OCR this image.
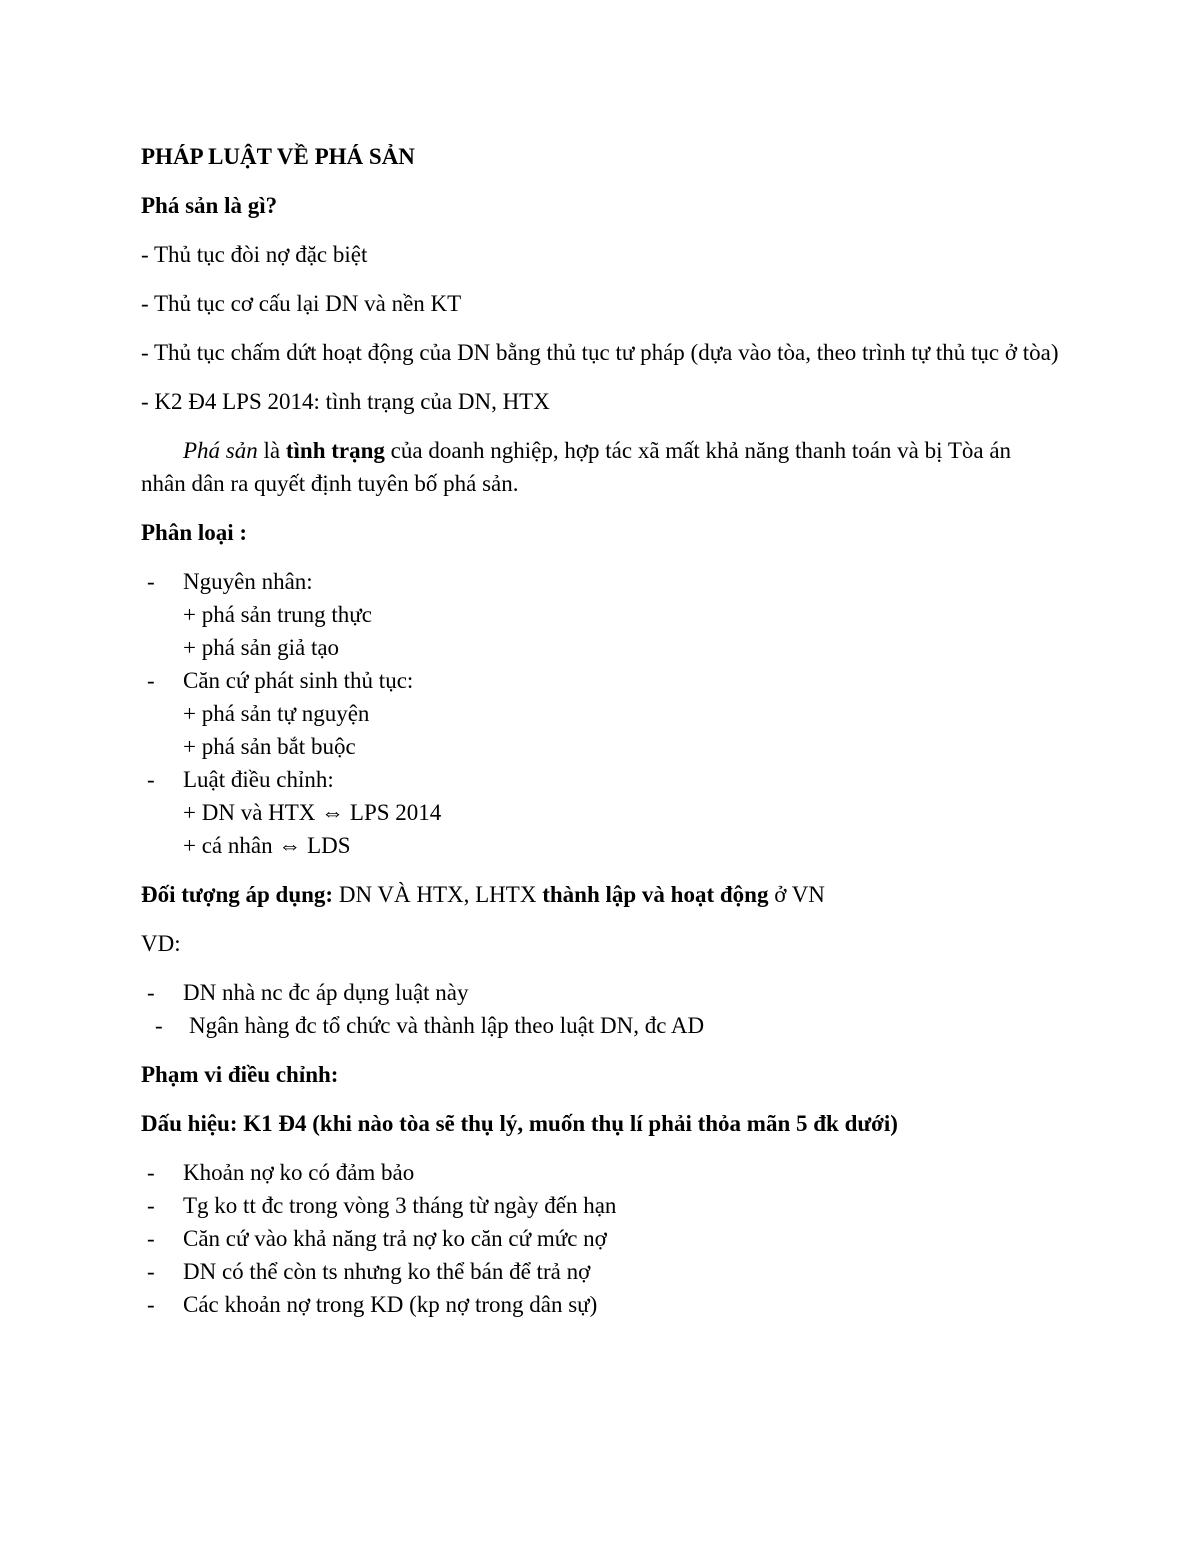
PHÁP LUẬT VỀ PHÁ SẢN

Phá sản là gì?

- Thủ tục đòi nợ đặc biệt

- Thủ tục cơ cấu lại DN và nền KT

- Thủ tục chấm dứt hoạt động của DN bằng thủ tục tư pháp (dựa vào tòa, theo trình tự thủ tục ở tòa)

- K2 Đ4 LPS 2014: tình trạng của DN, HTX

Phá sản là tình trạng của doanh nghiệp, hợp tác xã mất khả năng thanh toán và bị Tòa án nhân dân ra quyết định tuyên bố phá sản.

Phân loại :

- Nguyên nhân:
+ phá sản trung thực
+ phá sản giả tạo
- Căn cứ phát sinh thủ tục:
+ phá sản tự nguyện
+ phá sản bắt buộc
- Luật điều chỉnh:
+ DN và HTX ⇔ LPS 2014
+ cá nhân ⇔ LDS

Đối tượng áp dụng: DN VÀ HTX, LHTX thành lập và hoạt động ở VN

VD:

- DN nhà nc đc áp dụng luật này
- Ngân hàng đc tổ chức và thành lập theo luật DN, đc AD

Phạm vi điều chỉnh:

Dấu hiệu: K1 Đ4 (khi nào tòa sẽ thụ lý, muốn thụ lí phải thỏa mãn 5 đk dưới)

- Khoản nợ ko có đảm bảo
- Tg ko tt đc trong vòng 3 tháng từ ngày đến hạn
- Căn cứ vào khả năng trả nợ ko căn cứ mức nợ
- DN có thể còn ts nhưng ko thể bán để trả nợ
- Các khoản nợ trong KD (kp nợ trong dân sự)
